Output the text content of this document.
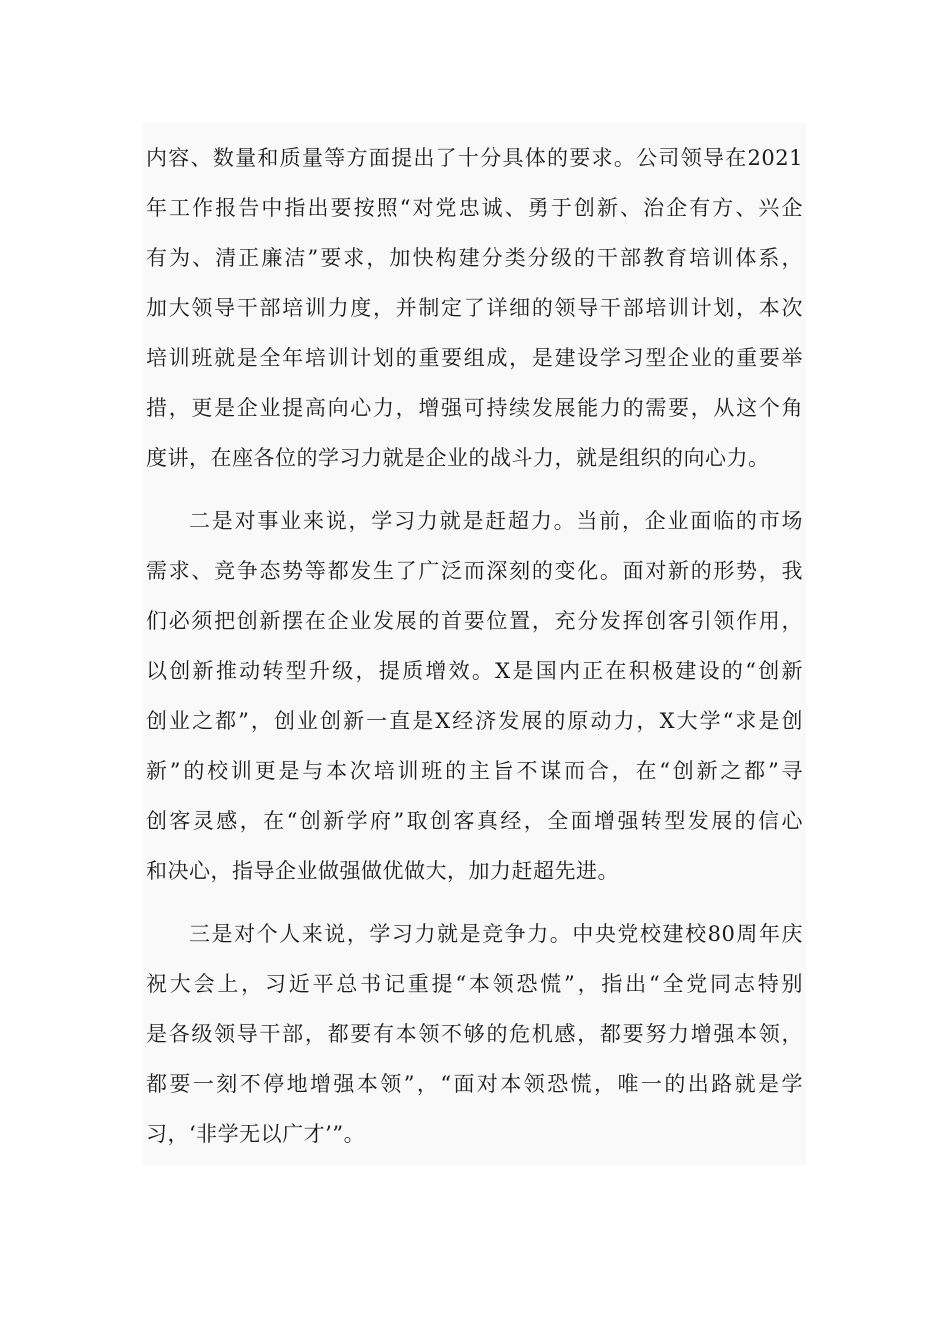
内容、数量和质量等方面提出了十分具体的要求。公司领导在2021
年工作报告中指出要按照“对党忠诚、勇于创新、治企有方、兴企
有为、清正廉洁”要求，加快构建分类分级的干部教育培训体系，
加大领导干部培训力度，并制定了详细的领导干部培训计划，本次
培训班就是全年培训计划的重要组成，是建设学习型企业的重要举
措，更是企业提高向心力，增强可持续发展能力的需要，从这个角
度讲，在座各位的学习力就是企业的战斗力，就是组织的向心力。
二是对事业来说，学习力就是赶超力。当前，企业面临的市场
需求、竞争态势等都发生了广泛而深刻的变化。面对新的形势，我
们必须把创新摆在企业发展的首要位置，充分发挥创客引领作用，
以创新推动转型升级，提质增效。X是国内正在积极建设的“创新
创业之都”，创业创新一直是X经济发展的原动力，X大学“求是创
新”的校训更是与本次培训班的主旨不谋而合，在“创新之都”寻
创客灵感，在“创新学府”取创客真经，全面增强转型发展的信心
和决心，指导企业做强做优做大，加力赶超先进。
三是对个人来说，学习力就是竞争力。中央党校建校80周年庆
祝大会上，习近平总书记重提“本领恐慌”，指出“全党同志特别
是各级领导干部，都要有本领不够的危机感，都要努力增强本领，
都要一刻不停地增强本领”，“面对本领恐慌，唯一的出路就是学
习，‘非学无以广才’”。
